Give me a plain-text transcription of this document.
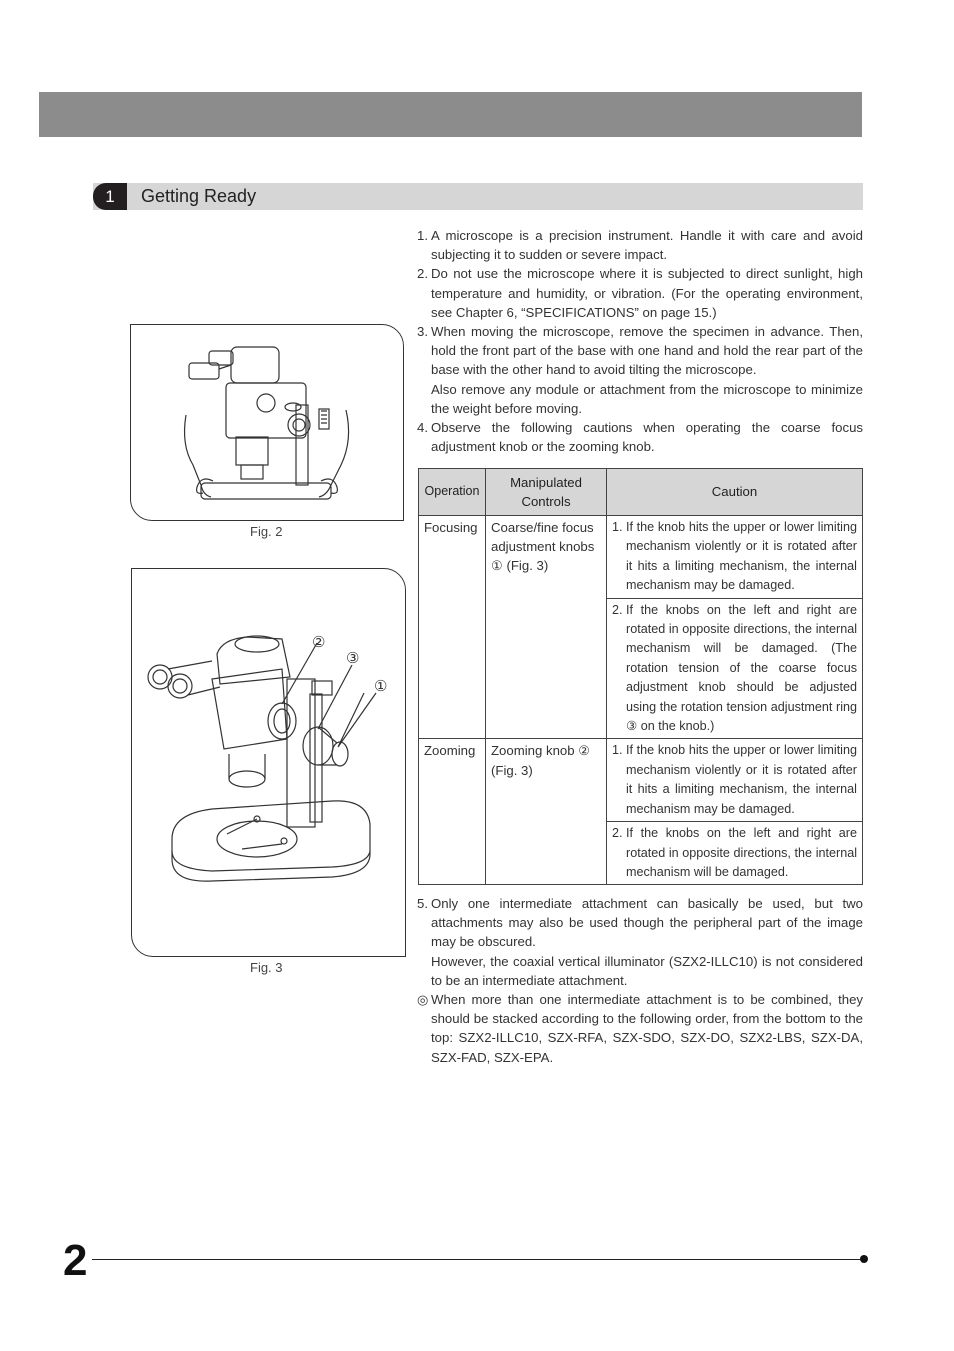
1	Getting Ready
Fig. 2
②
③
①
Fig. 3
1. A microscope is a precision instrument. Handle it with care and avoid subjecting it to sudden or severe impact.

2. Do not use the microscope where it is subjected to direct sunlight, high temperature and humidity, or vibration. (For the operating environment, see Chapter 6, “SPECIFICATIONS” on page 15.)

3. When moving the microscope, remove the specimen in advance. Then, hold the front part of the base with one hand and hold the rear part of the base with the other hand to avoid tilting the microscope.

Also remove any module or attachment from the microscope to minimize the weight before moving.

4. Observe the following cautions when operating the coarse focus adjustment knob or the zooming knob.

Operation	Manipulated Controls	Caution
Focusing	Coarse/fine focus adjustment knobs ① (Fig. 3)	1. If the knob hits the upper or lower limiting mechanism violently or it is rotated after it hits a limiting mechanism, the internal mechanism may be damaged.

		2. If the knobs on the left and right are rotated in opposite directions, the internal mechanism will be damaged. (The rotation tension of the coarse focus adjustment knob should be adjusted using the rotation tension adjustment ring ③ on the knob.)

Zooming	Zooming knob ② (Fig. 3)	1. If the knob hits the upper or lower limiting mechanism violently or it is rotated after it hits a limiting mechanism, the internal mechanism may be damaged.

		2. If the knobs on the left and right are rotated in opposite directions, the internal mechanism will be damaged.
5. Only one intermediate attachment can basically be used, but two attachments may also be used though the peripheral part of the image may be obscured.

However, the coaxial vertical illuminator (SZX2-ILLC10) is not considered to be an intermediate attachment.

◎ When more than one intermediate attachment is to be combined, they should be stacked according to the following order, from the bottom to the top: SZX2-ILLC10, SZX-RFA, SZX-SDO, SZX-DO, SZX2-LBS, SZX-DA, SZX-FAD, SZX-EPA.

2
